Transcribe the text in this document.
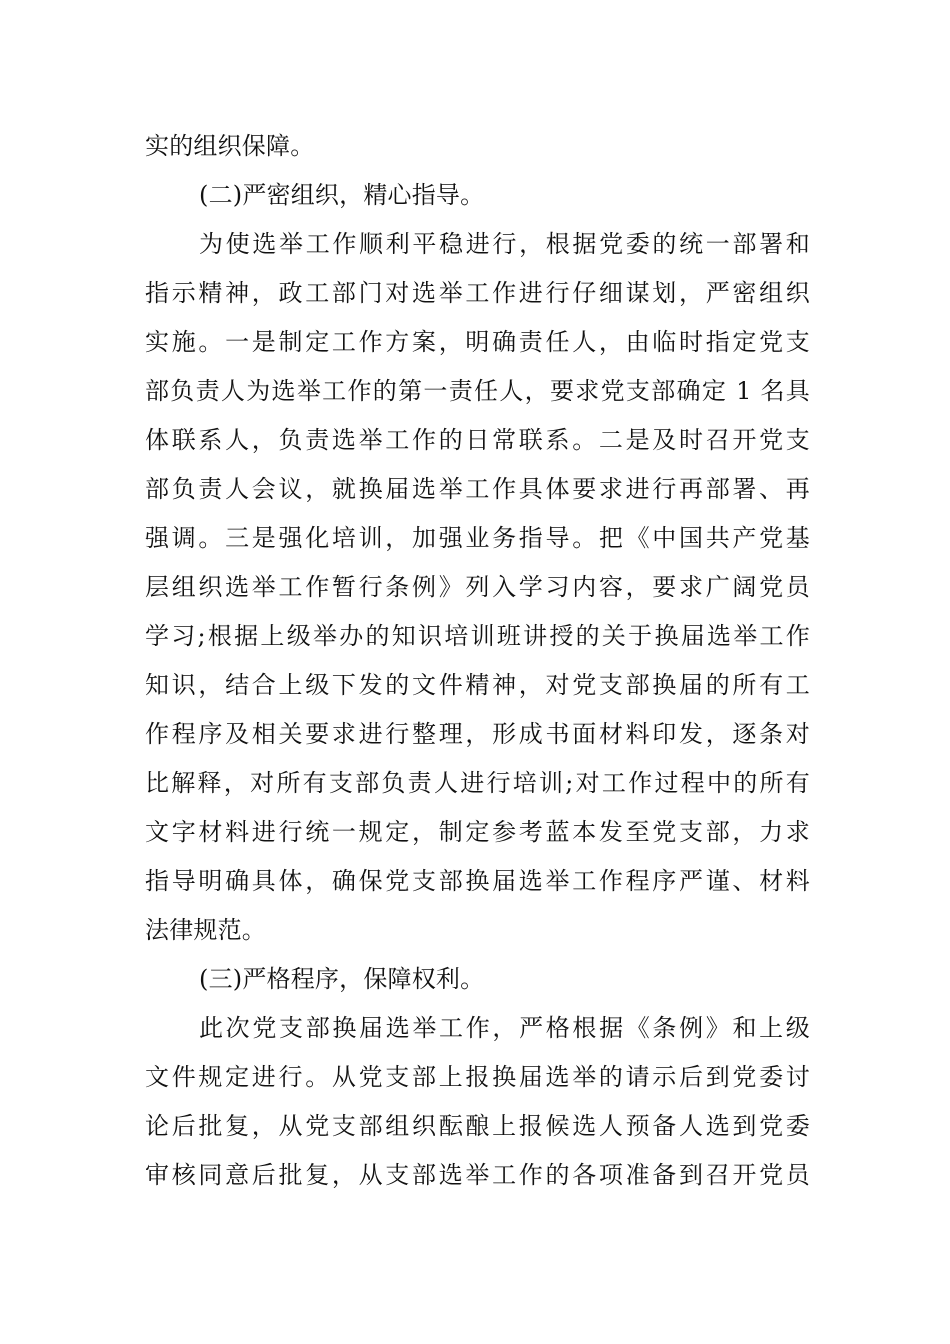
实的组织保障。
(二)严密组织，精心指导。
为使选举工作顺利平稳进行，根据党委的统一部署和
指示精神，政工部门对选举工作进行仔细谋划，严密组织
实施。一是制定工作方案，明确责任人，由临时指定党支
部负责人为选举工作的第一责任人，要求党支部确定 1 名具
体联系人，负责选举工作的日常联系。二是及时召开党支
部负责人会议，就换届选举工作具体要求进行再部署、再
强调。三是强化培训，加强业务指导。把《中国共产党基
层组织选举工作暂行条例》列入学习内容，要求广阔党员
学习;根据上级举办的知识培训班讲授的关于换届选举工作
知识，结合上级下发的文件精神，对党支部换届的所有工
作程序及相关要求进行整理，形成书面材料印发，逐条对
比解释，对所有支部负责人进行培训;对工作过程中的所有
文字材料进行统一规定，制定参考蓝本发至党支部，力求
指导明确具体，确保党支部换届选举工作程序严谨、材料
法律规范。
(三)严格程序，保障权利。
此次党支部换届选举工作，严格根据《条例》和上级
文件规定进行。从党支部上报换届选举的请示后到党委讨
论后批复，从党支部组织酝酿上报候选人预备人选到党委
审核同意后批复，从支部选举工作的各项准备到召开党员
